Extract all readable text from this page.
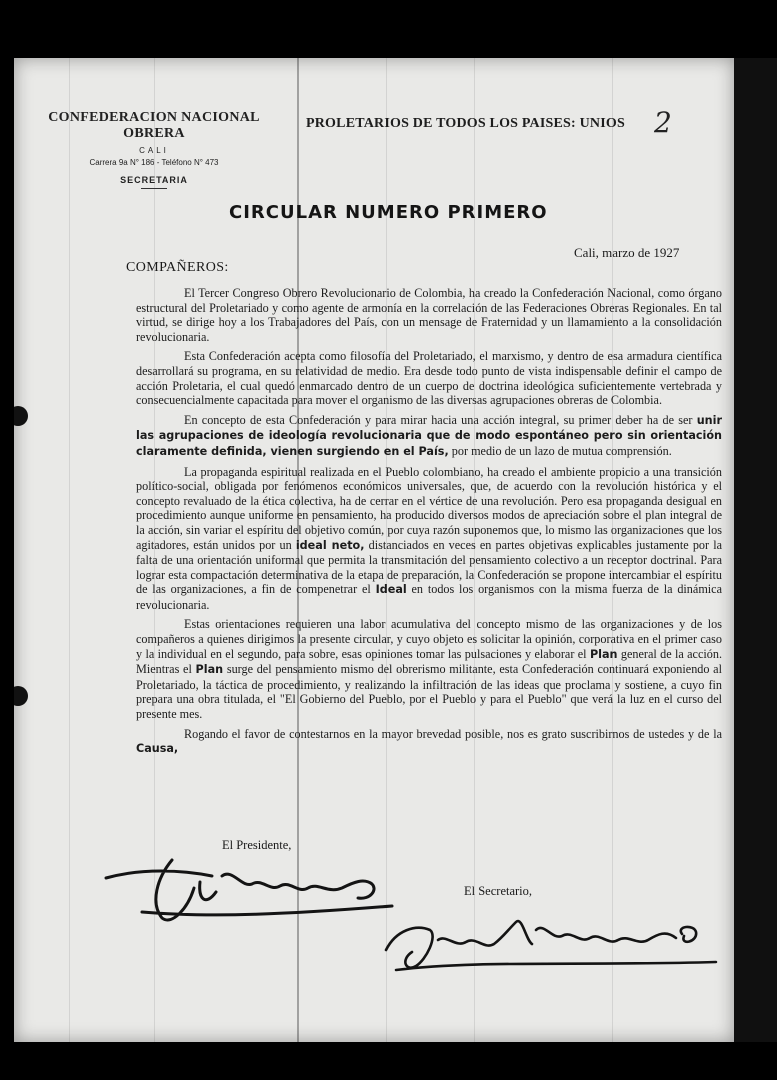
CONFEDERACION NACIONAL OBRERA
CALI
Carrera 9a N° 186 - Teléfono N° 473
SECRETARIA
PROLETARIOS DE TODOS LOS PAISES: UNIOS 2
CIRCULAR NUMERO PRIMERO
Cali, marzo de 1927
COMPAÑEROS:

El Tercer Congreso Obrero Revolucionario de Colombia, ha creado la Confederación Nacional, como órgano estructural del Proletariado y como agente de armonía en la correlación de las Federaciones Obreras Regionales. En tal virtud, se dirige hoy a los Trabajadores del País, con un mensage de Fraternidad y un llamamiento a la consolidación revolucionaria.

Esta Confederación acepta como filosofía del Proletariado, el marxismo, y dentro de esa armadura científica desarrollará su programa, en su relatividad de medio. Era desde todo punto de vista indispensable definir el campo de acción Proletaria, el cual quedó enmarcado dentro de un cuerpo de doctrina ideológica suficientemente vertebrada y consecuencialmente capacitada para mover el organismo de las diversas agrupaciones obreras de Colombia.

En concepto de esta Confederación y para mirar hacia una acción integral, su primer deber ha de ser unir las agrupaciones de ideología revolucionaria que de modo espontáneo pero sin orientación claramente definida, vienen surgiendo en el País, por medio de un lazo de mutua comprensión.

La propaganda espiritual realizada en el Pueblo colombiano, ha creado el ambiente propicio a una transición político-social, obligada por fenómenos económicos universales, que, de acuerdo con la revolución histórica y el concepto revaluado de la ética colectiva, ha de cerrar en el vértice de una revolución. Pero esa propaganda desigual en procedimiento aunque uniforme en pensamiento, ha producido diversos modos de apreciación sobre el plan integral de la acción, sin variar el espíritu del objetivo común, por cuya razón suponemos que, lo mismo las organizaciones que los agitadores, están unidos por un ideal neto, distanciados en veces en partes objetivas explicables justamente por la falta de una orientación uniformal que permita la transmitación del pensamiento colectivo a un receptor doctrinal. Para lograr esta compactación determinativa de la etapa de preparación, la Confederación se propone intercambiar el espíritu de las organizaciones, a fin de compenetrar el Ideal en todos los organismos con la misma fuerza de la dinámica revolucionaria.

Estas orientaciones requieren una labor acumulativa del concepto mismo de las organizaciones y de los compañeros a quienes dirigimos la presente circular, y cuyo objeto es solicitar la opinión, corporativa en el primer caso y la individual en el segundo, para sobre, esas opiniones tomar las pulsaciones y elaborar el Plan general de la acción. Mientras el Plan surge del pensamiento mismo del obrerismo militante, esta Confederación continuará exponiendo al Proletariado, la táctica de procedimiento, y realizando la infiltración de las ideas que proclama y sostiene, a cuyo fin prepara una obra titulada, el "El Gobierno del Pueblo, por el Pueblo y para el Pueblo" que verá la luz en el curso del presente mes.

Rogando el favor de contestarnos en la mayor brevedad posible, nos es grato suscribirnos de ustedes y de la Causa,

El Presidente,
El Secretario,
